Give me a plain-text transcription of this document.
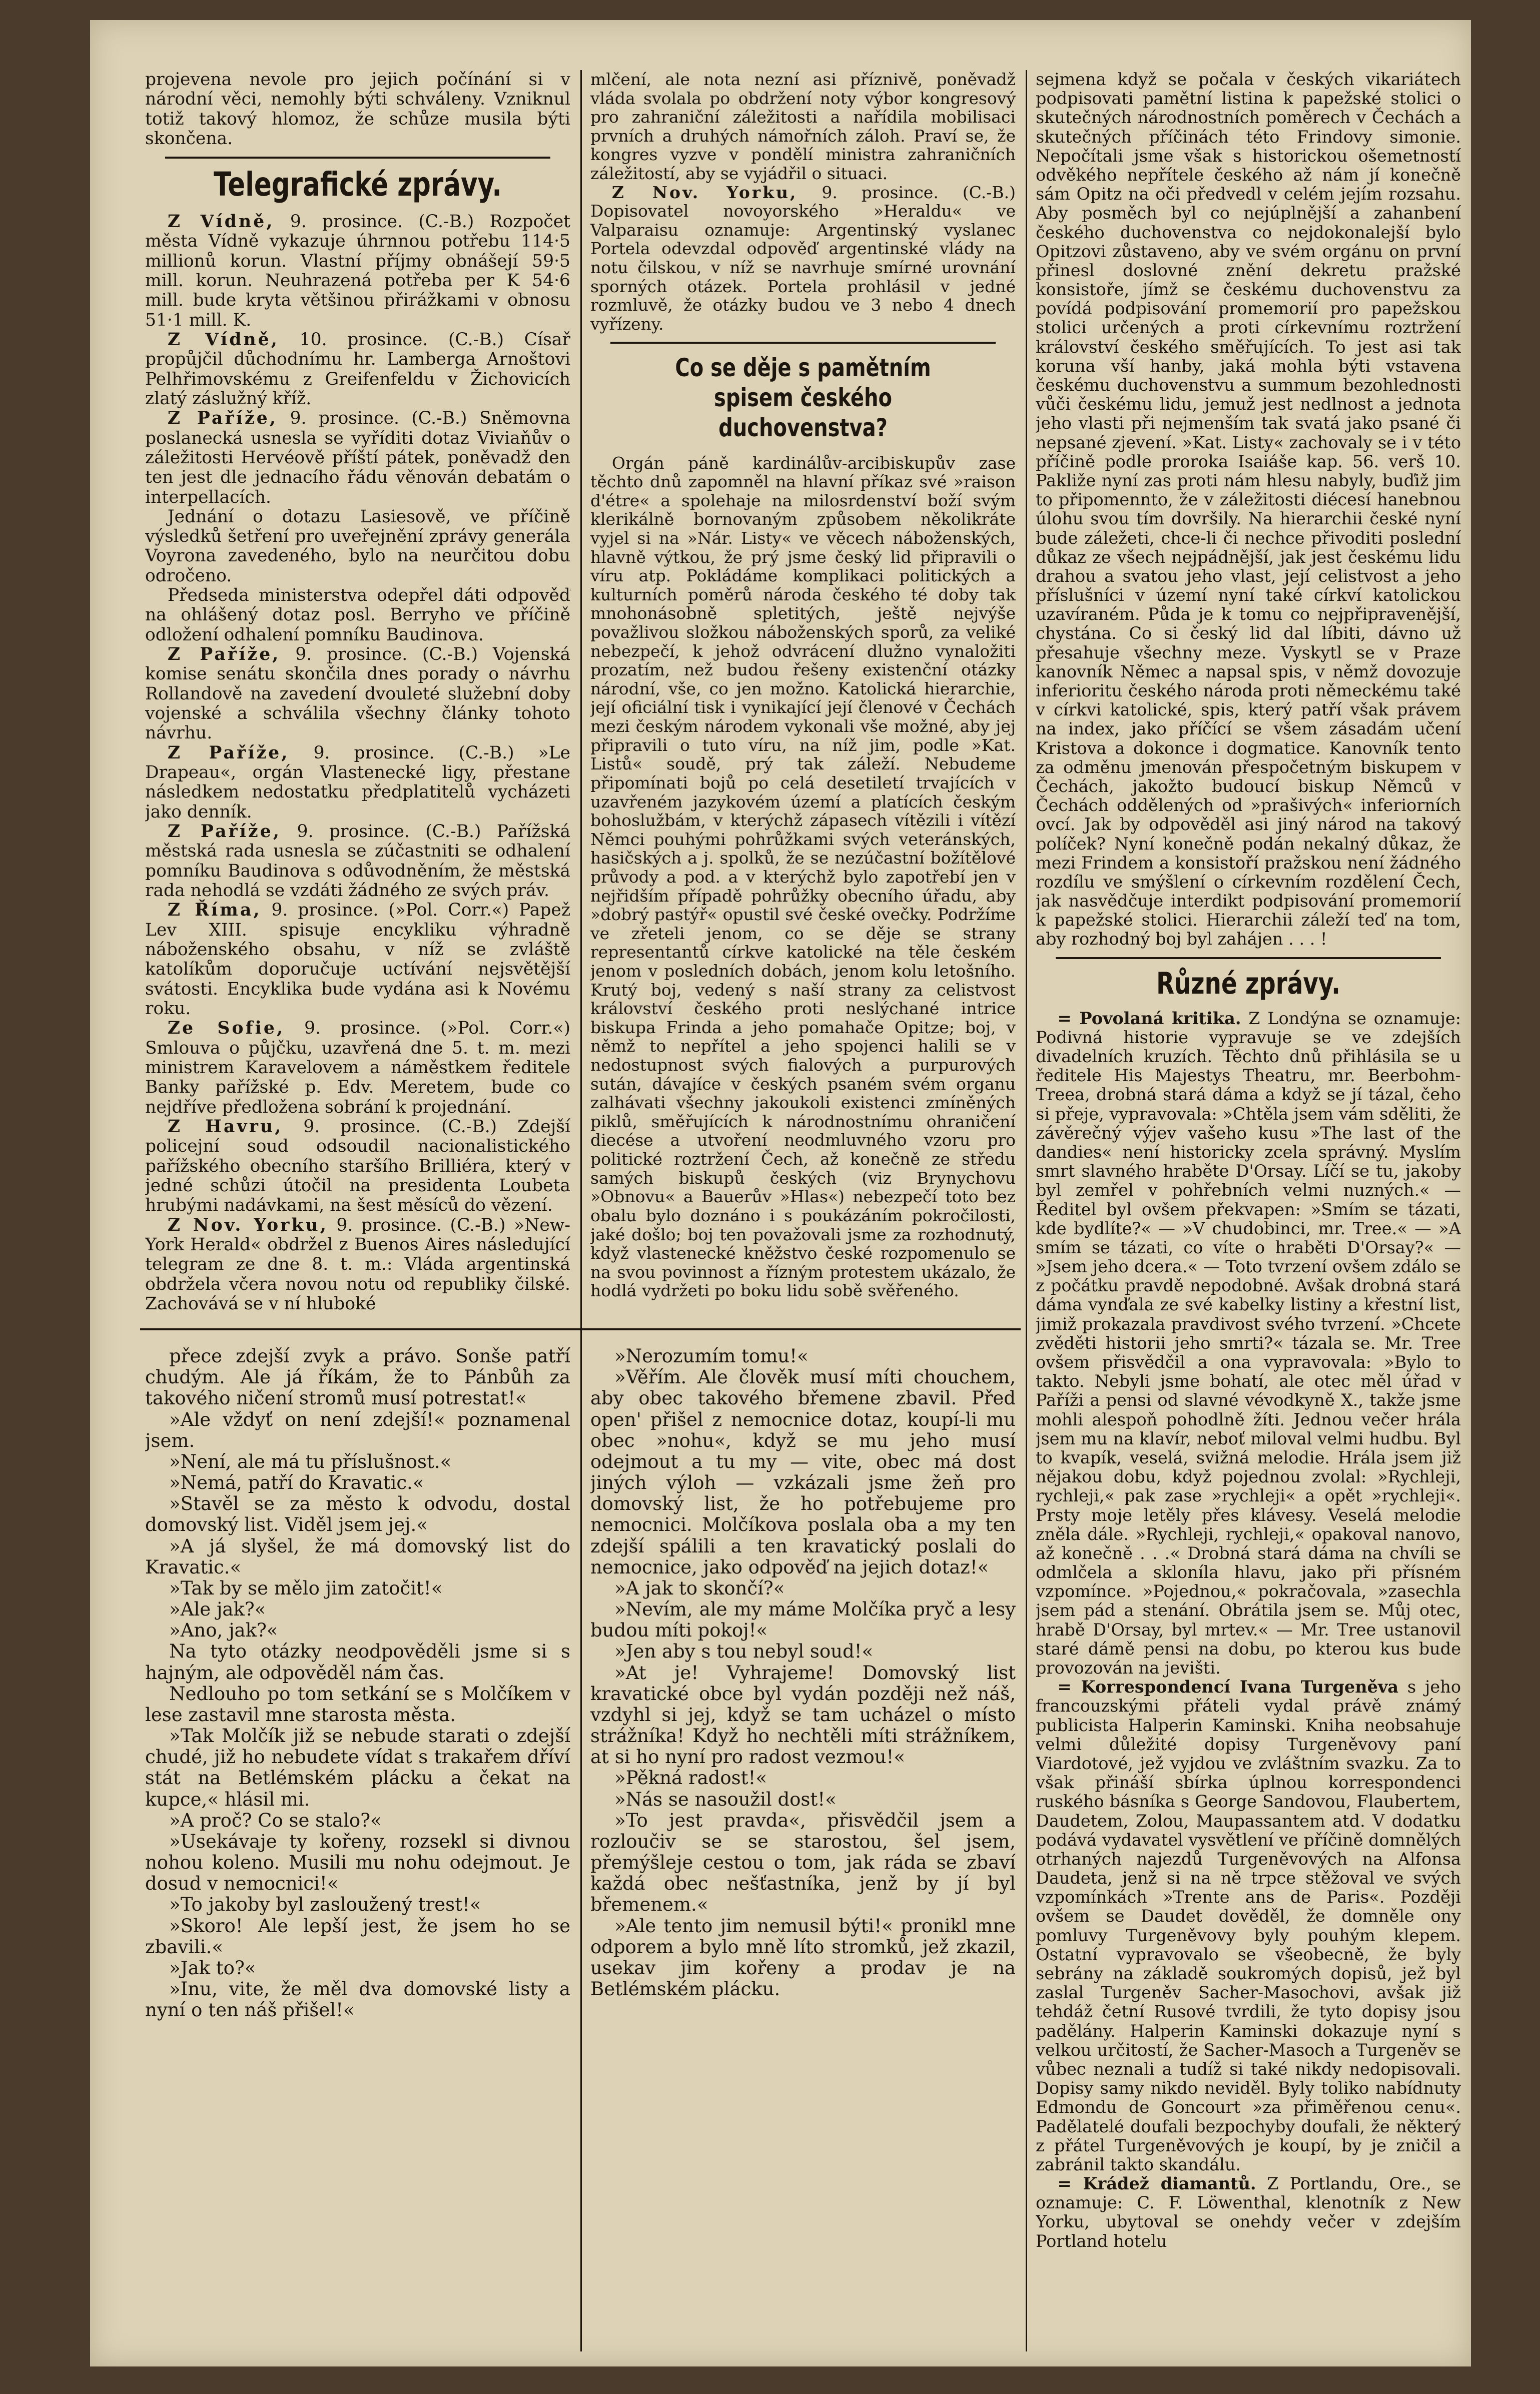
projevena nevole pro jejich počínání si v národní věci, nemohly býti schváleny. Vzniknul totiž takový hlomoz, že schůze musila býti skončena.

Telegrafické zprávy.

Z Vídně, 9. prosince. (C.-B.) Rozpočet města Vídně vykazuje úhrnnou potřebu 114·5 millionů korun. Vlastní příjmy obnášejí 59·5 mill. korun. Neuhrazená potřeba per K 54·6 mill. bude kryta většinou přirážkami v obnosu 51·1 mill. K.

Z Vídně, 10. prosince. (C.-B.) Císař propůjčil důchodnímu hr. Lamberga Arnoštovi Pelhřimovskému z Greifenfeldu v Žichovicích zlatý záslužný kříž.

Z Paříže, 9. prosince. (C.-B.) Sněmovna poslanecká usnesla se vyříditi dotaz Viviaňův o záležitosti Hervéově příští pátek, poněvadž den ten jest dle jednacího řádu věnován debatám o interpellacích.

Jednání o dotazu Lasiesově, ve příčině výsledků šetření pro uveřejnění zprávy generála Voyrona zavedeného, bylo na neurčitou dobu odročeno.

Předseda ministerstva odepřel dáti odpověď na ohlášený dotaz posl. Berryho ve příčině odložení odhalení pomníku Baudinova.

Z Paříže, 9. prosince. (C.-B.) Vojenská komise senátu skončila dnes porady o návrhu Rollandově na zavedení dvouleté služební doby vojenské a schválila všechny články tohoto návrhu.

Z Paříže, 9. prosince. (C.-B.) »Le Drapeau«, orgán Vlastenecké ligy, přestane následkem nedostatku předplatitelů vycházeti jako denník.

Z Paříže, 9. prosince. (C.-B.) Pařížská městská rada usnesla se zúčastniti se odhalení pomníku Baudinova s odůvodněním, že městská rada nehodlá se vzdáti žádného ze svých práv.

Z Říma, 9. prosince. (»Pol. Corr.«) Papež Lev XIII. spisuje encykliku výhradně náboženského obsahu, v níž se zvláště katolíkům doporučuje uctívání nejsvětější svátosti. Encyklika bude vydána asi k Novému roku.

Ze Sofie, 9. prosince. (»Pol. Corr.«) Smlouva o půjčku, uzavřená dne 5. t. m. mezi ministrem Karavelovem a náměstkem ředitele Banky pařížské p. Edv. Meretem, bude co nejdříve předložena sobrání k projednání.

Z Havru, 9. prosince. (C.-B.) Zdejší policejní soud odsoudil nacionalistického pařížského obecního staršího Brilliéra, který v jedné schůzi útočil na presidenta Loubeta hrubými nadávkami, na šest měsíců do vězení.

Z Nov. Yorku, 9. prosince. (C.-B.) »New-York Herald« obdržel z Buenos Aires následující telegram ze dne 8. t. m.: Vláda argentinská obdržela včera novou notu od republiky čilské. Zachovává se v ní hluboké

mlčení, ale nota nezní asi příznivě, poněvadž vláda svolala po obdržení noty výbor kongresový pro zahraniční záležitosti a nařídila mobilisaci prvních a druhých námořních záloh. Praví se, že kongres vyzve v pondělí ministra zahraničních záležitostí, aby se vyjádřil o situaci.

Z Nov. Yorku, 9. prosince. (C.-B.) Dopisovatel novoyorského »Heraldu« ve Valparaisu oznamuje: Argentinský vyslanec Portela odevzdal odpověď argentinské vlády na notu čilskou, v níž se navrhuje smírné urovnání sporných otázek. Portela prohlásil v jedné rozmluvě, že otázky budou ve 3 nebo 4 dnech vyřízeny.

Co se děje s pamětním spisem českého duchovenstva?

Orgán páně kardinálův-arcibiskupův zase těchto dnů zapomněl na hlavní příkaz své »raison d'étre« a spolehaje na milosrdenství boží svým klerikálně bornovaným způsobem několikráte vyjel si na »Nár. Listy« ve věcech náboženských, hlavně výtkou, že prý jsme český lid připravili o víru atp. Pokládáme komplikaci politických a kulturních poměrů národa českého té doby tak mnohonásobně spletitých, ještě nejvýše považlivou složkou náboženských sporů, za veliké nebezpečí, k jehož odvrácení dlužno vynaložiti prozatím, než budou řešeny existenční otázky národní, vše, co jen možno. Katolická hierarchie, její oficiální tisk i vynikající její členové v Čechách mezi českým národem vykonali vše možné, aby jej připravili o tuto víru, na níž jim, podle »Kat. Listů« soudě, prý tak záleží. Nebudeme připomínati bojů po celá desetiletí trvajících v uzavřeném jazykovém území a platících českým bohoslužbám, v kterýchž zápasech vítězili i vítězí Němci pouhými pohrůžkami svých veteránských, hasičských a j. spolků, že se nezúčastní božítělové průvody a pod. a v kterýchž bylo zapotřebí jen v nejřidším případě pohrůžky obecního úřadu, aby »dobrý pastýř« opustil své české ovečky. Podržíme ve zřeteli jenom, co se děje se strany representantů církve katolické na těle českém jenom v posledních dobách, jenom kolu letošního. Krutý boj, vedený s naší strany za celistvost království českého proti neslýchané intrice biskupa Frinda a jeho pomahače Opitze; boj, v němž to nepřítel a jeho spojenci halili se v nedostupnost svých fialových a purpurových sután, dávajíce v českých psaném svém organu zalhávati všechny jakoukoli existenci zmíněných piklů, směřujících k národnostnímu ohraničení diecése a utvoření neodmluvného vzoru pro politické roztržení Čech, až konečně ze středu samých biskupů českých (viz Brynychovu »Obnovu« a Bauerův »Hlas«) nebezpečí toto bez obalu bylo doznáno i s poukázáním pokročilosti, jaké došlo; boj ten považovali jsme za rozhodnutý, když vlastenecké kněžstvo české rozpomenulo se na svou povinnost a řízným protestem ukázalo, že hodlá vydržeti po boku lidu sobě svěřeného.

sejmena když se počala v českých vikariátech podpisovati pamětní listina k papežské stolici o skutečných národnostních poměrech v Čechách a skutečných příčinách této Frindovy simonie. Nepočítali jsme však s historickou ošemetností odvěkého nepřítele českého až nám jí konečně sám Opitz na oči předvedl v celém jejím rozsahu. Aby posměch byl co nejúplnější a zahanbení českého duchovenstva co nejdokonalejší bylo Opitzovi zůstaveno, aby ve svém orgánu on první přinesl doslovné znění dekretu pražské konsistoře, jímž se českému duchovenstvu za povídá podpisování promemorií pro papežskou stolici určených a proti církevnímu roztržení království českého směřujících. To jest asi tak koruna vší hanby, jaká mohla býti vstavena českému duchovenstvu a summum bezohlednosti vůči českému lidu, jemuž jest nedlnost a jednota jeho vlasti při nejmenším tak svatá jako psané či nepsané zjevení. »Kat. Listy« zachovaly se i v této příčině podle proroka Isaiáše kap. 56. verš 10. Pakliže nyní zas proti nám hlesu nabyly, buďiž jim to připomennto, že v záležitosti diécesí hanebnou úlohu svou tím dovršily. Na hierarchii české nyní bude záležeti, chce-li či nechce přivoditi poslední důkaz ze všech nejpádnější, jak jest českému lidu drahou a svatou jeho vlast, její celistvost a jeho příslušníci v území nyní také církví katolickou uzavíraném. Půda je k tomu co nejpřipravenější, chystána. Co si český lid dal líbiti, dávno už přesahuje všechny meze. Vyskytl se v Praze kanovník Němec a napsal spis, v němž dovozuje inferioritu českého národa proti německému také v církvi katolické, spis, který patří však právem na index, jako příčící se všem zásadám učení Kristova a dokonce i dogmatice. Kanovník tento za odměnu jmenován přespočetným biskupem v Čechách, jakožto budoucí biskup Němců v Čechách oddělených od »prašivých« inferiorních ovcí. Jak by odpověděl asi jiný národ na takový políček? Nyní konečně podán nekalný důkaz, že mezi Frindem a konsistoří pražskou není žádného rozdílu ve smýšlení o církevním rozdělení Čech, jak nasvědčuje interdikt podpisování promemorií k papežské stolici. Hierarchii záleží teď na tom, aby rozhodný boj byl zahájen . . . !

Různé zprávy.

= Povolaná kritika. Z Londýna se oznamuje: Podivná historie vypravuje se ve zdejších divadelních kruzích. Těchto dnů přihlásila se u ředitele His Majestys Theatru, mr. Beerbohm-Treea, drobná stará dáma a když se jí tázal, čeho si přeje, vypravovala: »Chtěla jsem vám sděliti, že závěrečný výjev vašeho kusu »The last of the dandies« není historicky zcela správný. Myslím smrt slavného hraběte D'Orsay. Líčí se tu, jakoby byl zemřel v pohřebních velmi nuzných.« — Ředitel byl ovšem překvapen: »Smím se tázati, kde bydlíte?« — »V chudobinci, mr. Tree.« — »A smím se tázati, co víte o hraběti D'Orsay?« — »Jsem jeho dcera.« — Toto tvrzení ovšem zdálo se z počátku pravdě nepodobné. Avšak drobná stará dáma vynďala ze své kabelky listiny a křestní list, jimiž prokazala pravdivost svého tvrzení. »Chcete zvěděti historii jeho smrti?« tázala se. Mr. Tree ovšem přisvědčil a ona vypravovala: »Bylo to takto. Nebyli jsme bohatí, ale otec měl úřad v Paříži a pensi od slavné vévodkyně X., takže jsme mohli alespoň pohodlně žíti. Jednou večer hrála jsem mu na klavír, neboť miloval velmi hudbu. Byl to kvapík, veselá, svižná melodie. Hrála jsem již nějakou dobu, když pojednou zvolal: »Rychleji, rychleji,« pak zase »rychleji« a opět »rychleji«. Prsty moje letěly přes klávesy. Veselá melodie zněla dále. »Rychleji, rychleji,« opakoval nanovo, až konečně . . .« Drobná stará dáma na chvíli se odmlčela a skloníla hlavu, jako při přísném vzpomínce. »Pojednou,« pokračovala, »zasechla jsem pád a stenání. Obrátila jsem se. Můj otec, hrabě D'Orsay, byl mrtev.« — Mr. Tree ustanovil staré dámě pensi na dobu, po kterou kus bude provozován na jevišti.

= Korrespondencí Ivana Turgeněva s jeho francouzskými přáteli vydal právě známý publicista Halperin Kaminski. Kniha neobsahuje velmi důležité dopisy Turgeněvovy paní Viardotové, jež vyjdou ve zvláštním svazku. Za to však přináší sbírka úplnou korrespondenci ruského básníka s George Sandovou, Flaubertem, Daudetem, Zolou, Maupassantem atd. V dodatku podává vydavatel vysvětlení ve příčině domnělých otrhaných najezdů Turgeněvových na Alfonsa Daudeta, jenž si na ně trpce stěžoval ve svých vzpomínkách »Trente ans de Paris«. Později ovšem se Daudet dověděl, že domněle ony pomluvy Turgeněvovy byly pouhým klepem. Ostatní vypravovalo se všeobecně, že byly sebrány na základě soukromých dopisů, jež byl zaslal Turgeněv Sacher-Masochovi, avšak již tehdáž četní Rusové tvrdili, že tyto dopisy jsou padělány. Halperin Kaminski dokazuje nyní s velkou určitostí, že Sacher-Masoch a Turgeněv se vůbec neznali a tudíž si také nikdy nedopisovali. Dopisy samy nikdo neviděl. Byly toliko nabídnuty Edmondu de Goncourt »za přiměřenou cenu«. Padělatelé doufali bezpochyby doufali, že některý z přátel Turgeněvových je koupí, by je zničil a zabránil takto skandálu.

= Krádež diamantů. Z Portlandu, Ore., se oznamuje: C. F. Löwenthal, klenotník z New Yorku, ubytoval se onehdy večer v zdejším Portland hotelu

přece zdejší zvyk a právo. Sonše patří chudým. Ale já říkám, že to Pánbůh za takového ničení stromů musí potrestat!«

»Ale vždyť on není zdejší!« poznamenal jsem.

»Není, ale má tu příslušnost.«

»Nemá, patří do Kravatic.«

»Stavěl se za město k odvodu, dostal domovský list. Viděl jsem jej.«

»A já slyšel, že má domovský list do Kravatic.«

»Tak by se mělo jim zatočit!«

»Ale jak?«

»Ano, jak?«

Na tyto otázky neodpověděli jsme si s hajným, ale odpověděl nám čas.

Nedlouho po tom setkání se s Molčíkem v lese zastavil mne starosta města.

»Tak Molčík již se nebude starati o zdejší chudé, již ho nebudete vídat s trakařem dříví stát na Betlémském plácku a čekat na kupce,« hlásil mi.

»A proč? Co se stalo?«

»Usekávaje ty kořeny, rozsekl si divnou nohou koleno. Musili mu nohu odejmout. Je dosud v nemocnici!«

»To jakoby byl zasloužený trest!«

»Skoro! Ale lepší jest, že jsem ho se zbavili.«

»Jak to?«

»Inu, vite, že měl dva domovské listy a nyní o ten náš přišel!«

»Nerozumím tomu!«

»Věřím. Ale člověk musí míti chouchem, aby obec takového břemene zbavil. Před open' přišel z nemocnice dotaz, koupí-li mu obec »nohu«, když se mu jeho musí odejmout a tu my — vite, obec má dost jiných výloh — vzkázali jsme žeň pro domovský list, že ho potřebujeme pro nemocnici. Molčíkova poslala oba a my ten zdejší spálili a ten kravatický poslali do nemocnice, jako odpověď na jejich dotaz!«

»A jak to skončí?«

»Nevím, ale my máme Molčíka pryč a lesy budou míti pokoj!«

»Jen aby s tou nebyl soud!«

»At je! Vyhrajeme! Domovský list kravatické obce byl vydán později než náš, vzdyhl si jej, když se tam ucházel o místo strážníka! Když ho nechtěli míti strážníkem, at si ho nyní pro radost vezmou!«

»Pěkná radost!«

»Nás se nasoužil dost!«

»To jest pravda«, přisvědčil jsem a rozloučiv se se starostou, šel jsem, přemýšleje cestou o tom, jak ráda se zbaví každá obec nešťastníka, jenž by jí byl břemenem.«

»Ale tento jim nemusil býti!« pronikl mne odporem a bylo mně líto stromků, jež zkazil, usekav jim kořeny a prodav je na Betlémském plácku.
